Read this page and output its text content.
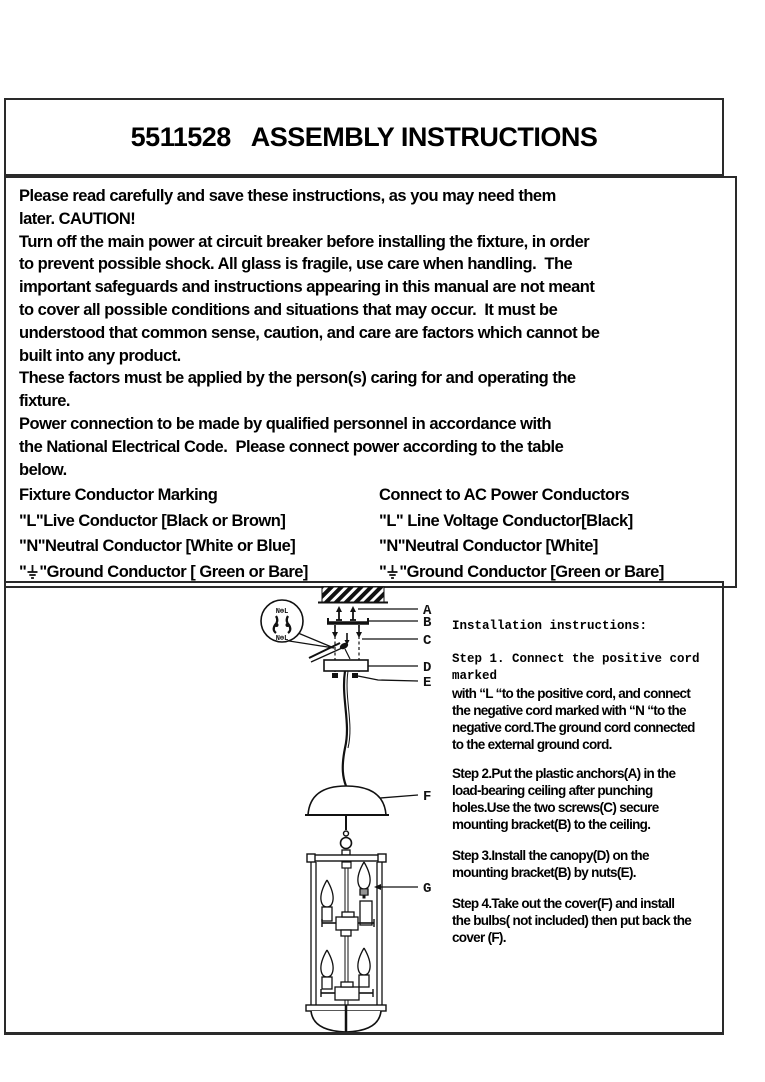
5511528   ASSEMBLY INSTRUCTIONS
Please read carefully and save these instructions, as you may need them
later. CAUTION!
Turn off the main power at circuit breaker before installing the fixture, in order
to prevent possible shock. All glass is fragile, use care when handling.  The
important safeguards and instructions appearing in this manual are not meant
to cover all possible conditions and situations that may occur.  It must be
understood that common sense, caution, and care are factors which cannot be
built into any product.
These factors must be applied by the person(s) caring for and operating the
fixture.
Power connection to be made by qualified personnel in accordance with
the National Electrical Code.  Please connect power according to the table
below.
Fixture Conductor Marking	Connect to AC Power Conductors
"L"Live Conductor [Black or Brown]	"L" Line Voltage Conductor[Black]
"N"Neutral Conductor [White or Blue]	"N"Neutral Conductor [White]
" "Ground Conductor [ Green or Bare]	" "Ground Conductor [Green or Bare]
N⊕L
N⊕L
A
B
C
D
E
F
G
Installation instructions:
Step 1. Connect the positive cord
marked
with “L “to the positive cord, and connect
the negative cord marked with “N “to the
negative cord.The ground cord connected
to the external ground cord.
Step 2.Put the plastic anchors(A) in the
load-bearing ceiling after punching
holes.Use the two screws(C) secure
mounting bracket(B) to the ceiling.
Step 3.Install the canopy(D) on the
mounting bracket(B) by nuts(E).
Step 4.Take out the cover(F) and install
the bulbs( not included) then put back the
cover (F).
